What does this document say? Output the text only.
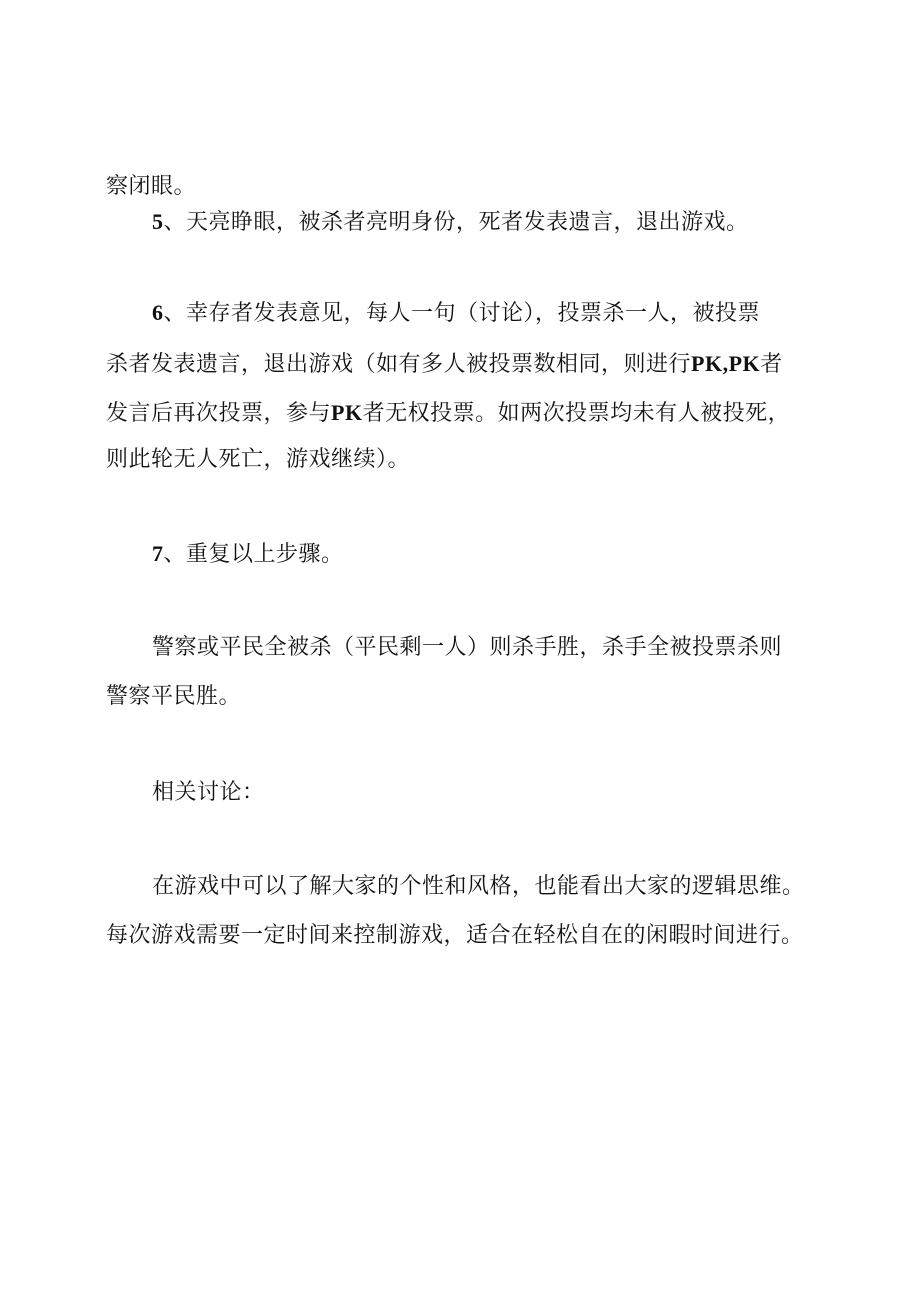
察闭眼。
5、天亮睁眼，被杀者亮明身份，死者发表遗言，退出游戏。
6、幸存者发表意见，每人一句（讨论），投票杀一人，被投票
杀者发表遗言，退出游戏（如有多人被投票数相同，则进行PK,PK者
发言后再次投票，参与PK者无权投票。如两次投票均未有人被投死，
则此轮无人死亡，游戏继续）。
7、重复以上步骤。
警察或平民全被杀（平民剩一人）则杀手胜，杀手全被投票杀则
警察平民胜。
相关讨论：
在游戏中可以了解大家的个性和风格，也能看出大家的逻辑思维。
每次游戏需要一定时间来控制游戏，适合在轻松自在的闲暇时间进行。
